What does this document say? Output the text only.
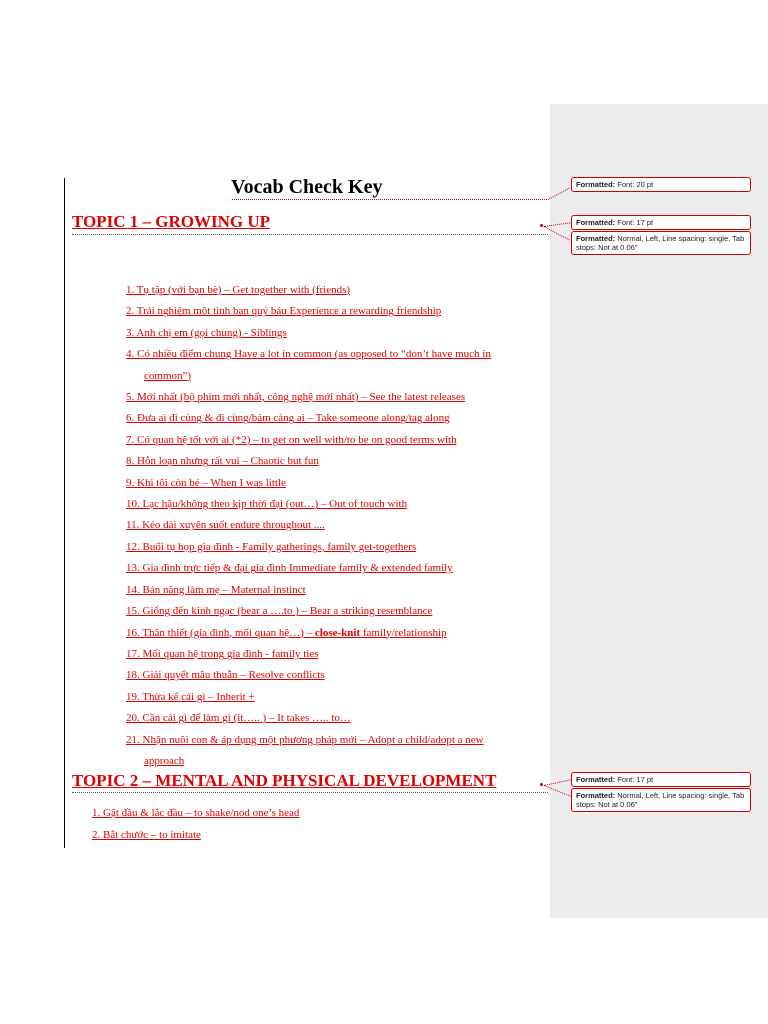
Vocab Check Key
TOPIC 1 – GROWING UP
1. Tụ tập (với bạn bè) – Get together with (friends)
2. Trải nghiệm một tình bạn quý báu Experience a rewarding friendship
3. Anh chị em (gọi chung) - Siblings
4. Có nhiều điểm chung Have a lot in common (as opposed to “don’t have much in
common”)
5. Mới nhất (bộ phim mới nhất, công nghệ mới nhất) – See the latest releases
6. Đưa ai đi cùng & đi cùng/bám càng ai – Take someone along/tag along
7. Có quan hệ tốt với ai (*2) – to get on well with/to be on good terms with
8. Hỗn loạn nhưng rất vui – Chaotic but fun
9. Khi tôi còn bé – When I was little
10. Lạc hậu/không theo kịp thời đại (out…) – Out of touch with
11. Kéo dài xuyên suốt endure throughout ....
12. Buổi tụ họp gia đình - Family gatherings, family get-togethers
13. Gia đình trực tiếp & đại gia đình Immediate family & extended family
14. Bản năng làm mẹ – Maternal instinct
15. Giống đến kinh ngạc (bear a ….to ) – Bear a striking resemblance
16. Thân thiết (gia đình, mối quan hệ…) – close-knit family/relationship
17. Mối quan hệ trong gia đình - family ties
18. Giải quyết mâu thuẫn – Resolve conflicts
19. Thừa kế cái gì – Inherit +
20. Cần cái gì để làm gì (it….. ) – It takes ….. to…
21. Nhận nuôi con & áp dụng một phương pháp mới – Adopt a child/adopt a new
approach
TOPIC 2 – MENTAL AND PHYSICAL DEVELOPMENT
1. Gật đầu & lắc đầu – to shake/nod one’s head
2. Bắt chước – to imitate
Formatted: Font: 20 pt
Formatted: Font: 17 pt
Formatted: Normal, Left, Line spacing: single, Tab stops: Not at 0.06"
Formatted: Font: 17 pt
Formatted: Normal, Left, Line spacing: single, Tab stops: Not at 0.06"
